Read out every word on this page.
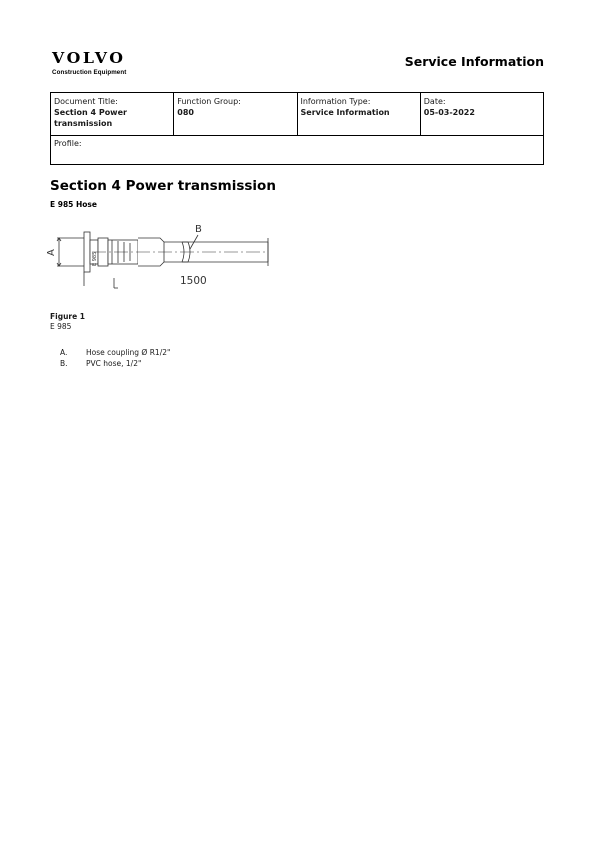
VOLVO
Construction Equipment
Service Information
Document Title:
Section 4 Power transmission
Function Group:
080
Information Type:
Service Information
Date:
05-03-2022
Profile:
Section 4 Power transmission
E 985 Hose
A
B
1500
E 985
Figure 1
E 985
A.	Hose coupling Ø R1/2"
B.	PVC hose, 1/2"
